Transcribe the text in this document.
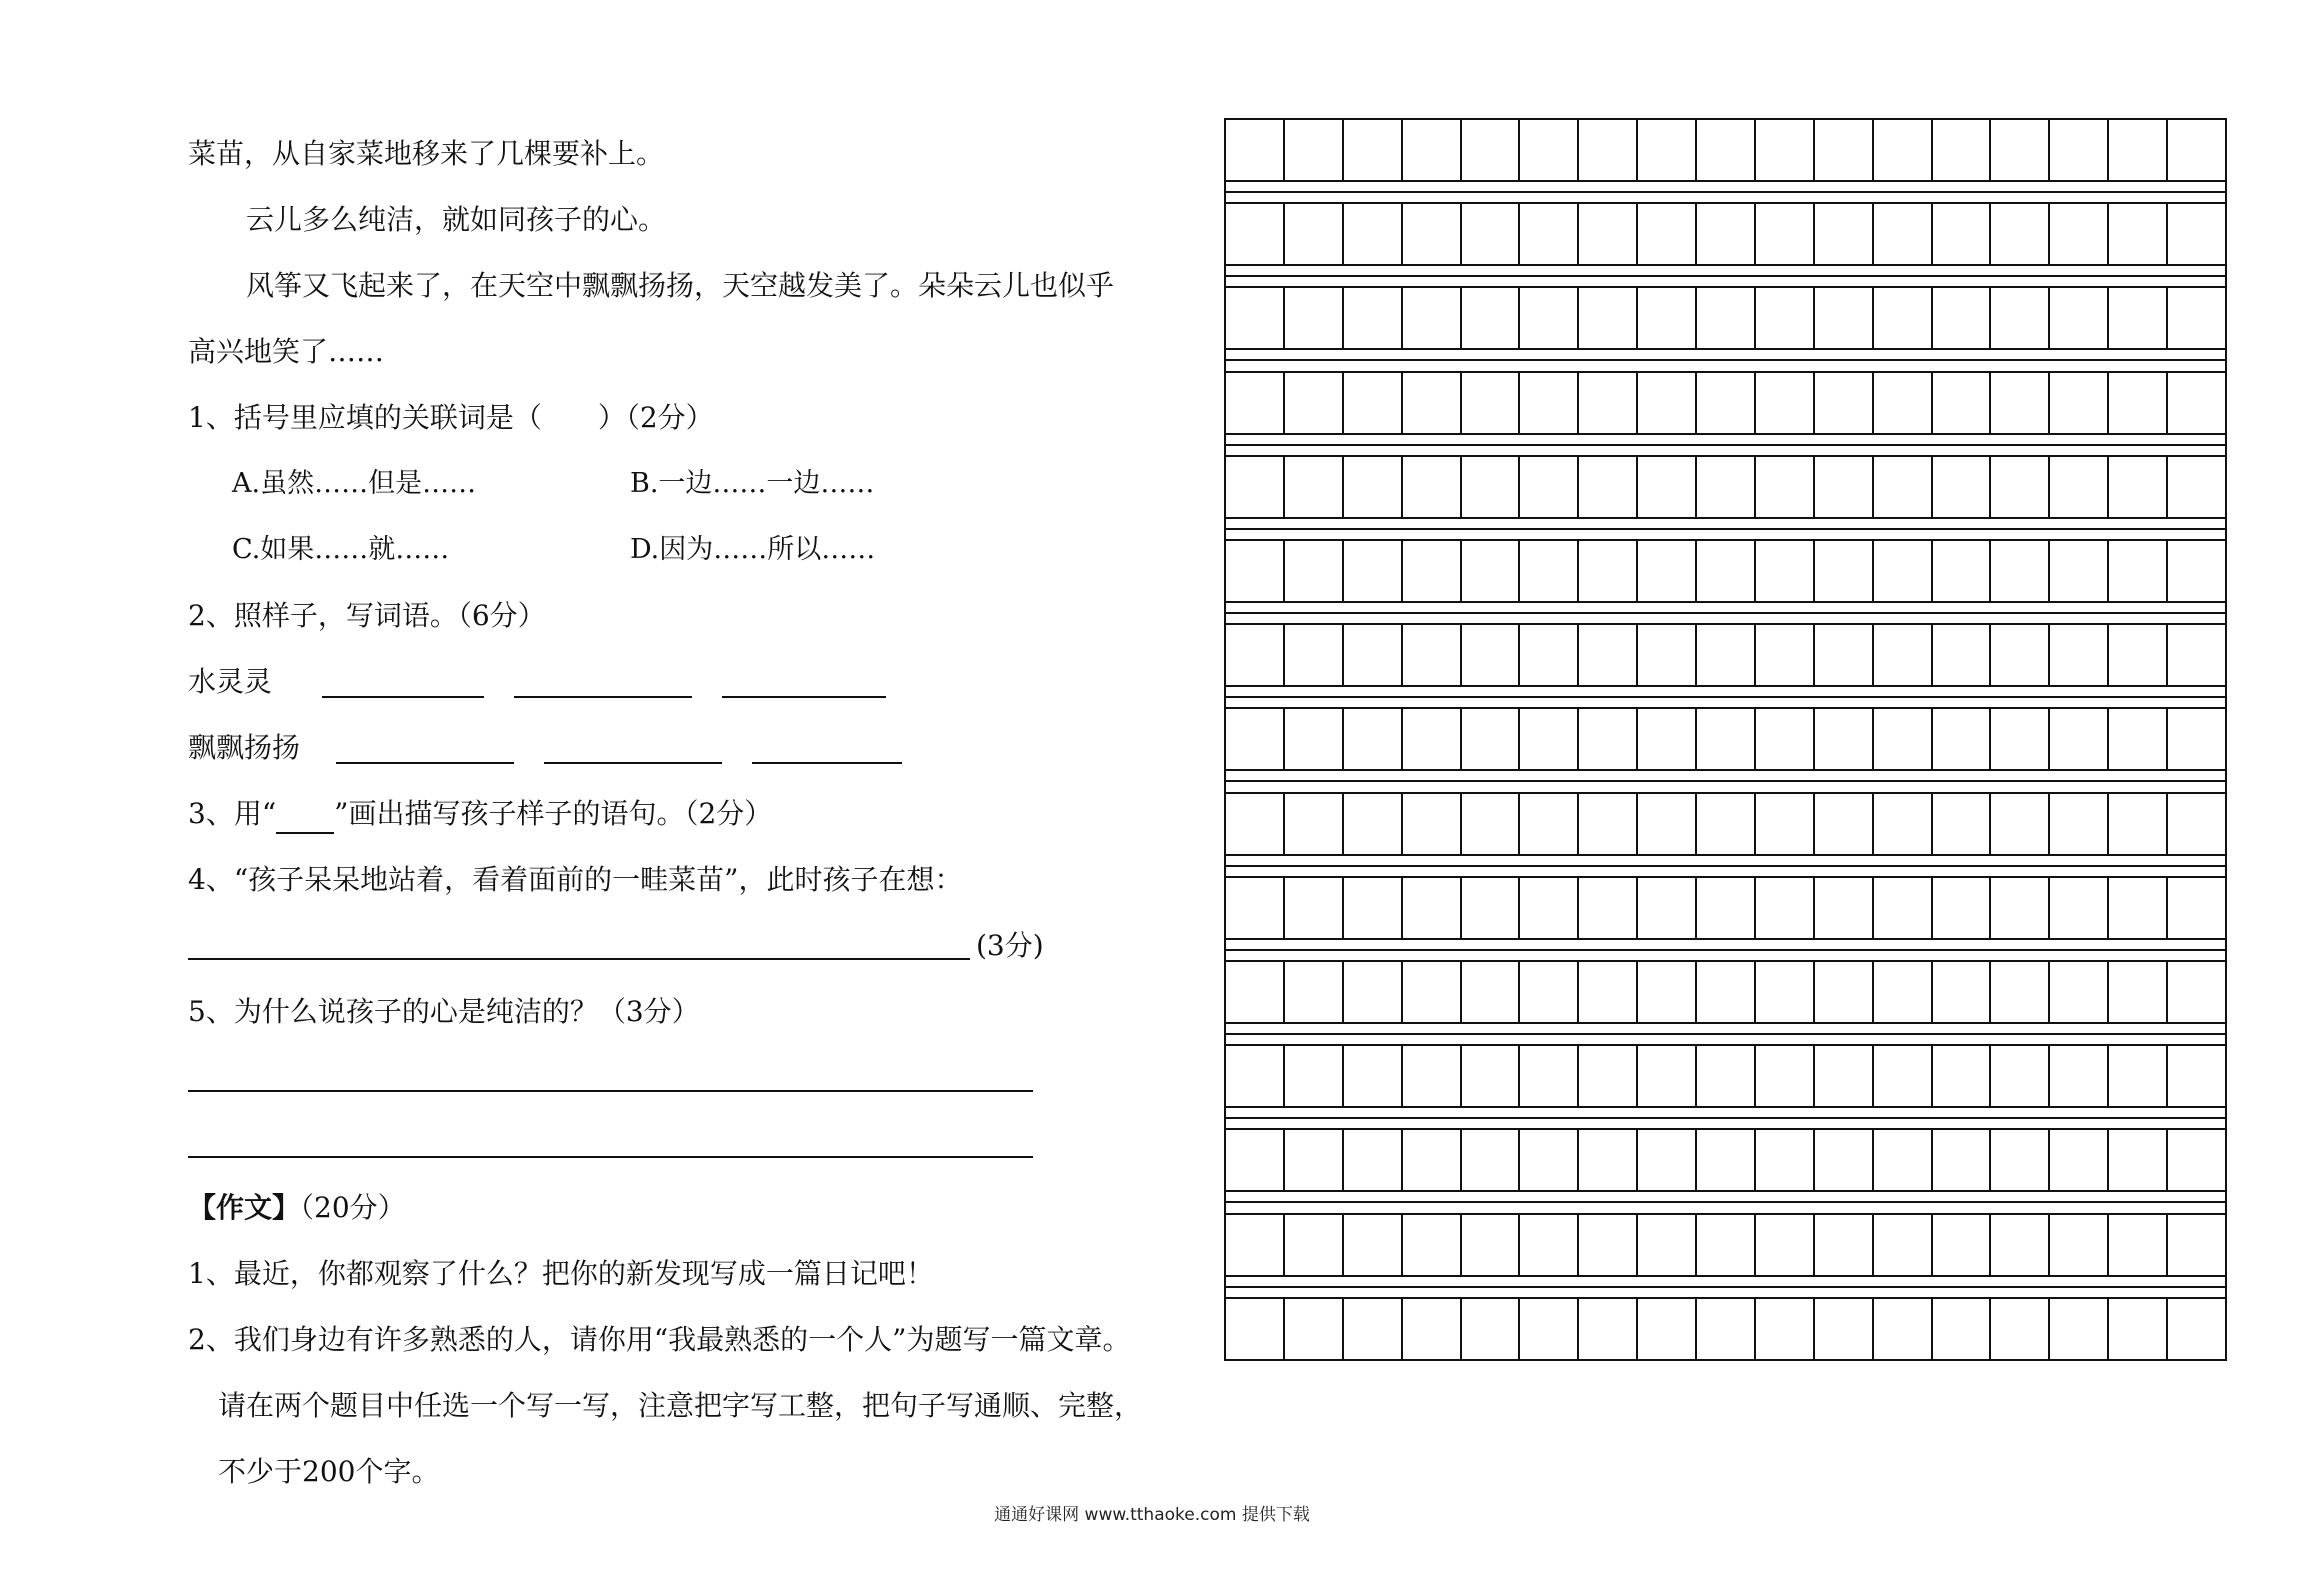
菜苗，从自家菜地移来了几棵要补上。
云儿多么纯洁，就如同孩子的心。
风筝又飞起来了，在天空中飘飘扬扬，天空越发美了。朵朵云儿也似乎
高兴地笑了……
1、括号里应填的关联词是（　　）（2分）
A.虽然……但是……	B.一边……一边……
C.如果……就……	D.因为……所以……
2、照样子，写词语。（6分）
水灵灵
飘飘扬扬
3、用“ ”画出描写孩子样子的语句。（2分）
4、“孩子呆呆地站着，看着面前的一畦菜苗”，此时孩子在想：
(3分)
5、为什么说孩子的心是纯洁的？（3分）
【作文】（20分）
1、最近，你都观察了什么？把你的新发现写成一篇日记吧！
2、我们身边有许多熟悉的人，请你用“我最熟悉的一个人”为题写一篇文章。
请在两个题目中任选一个写一写，注意把字写工整，把句子写通顺、完整，
不少于200个字。
通通好课网 www.tthaoke.com 提供下载
